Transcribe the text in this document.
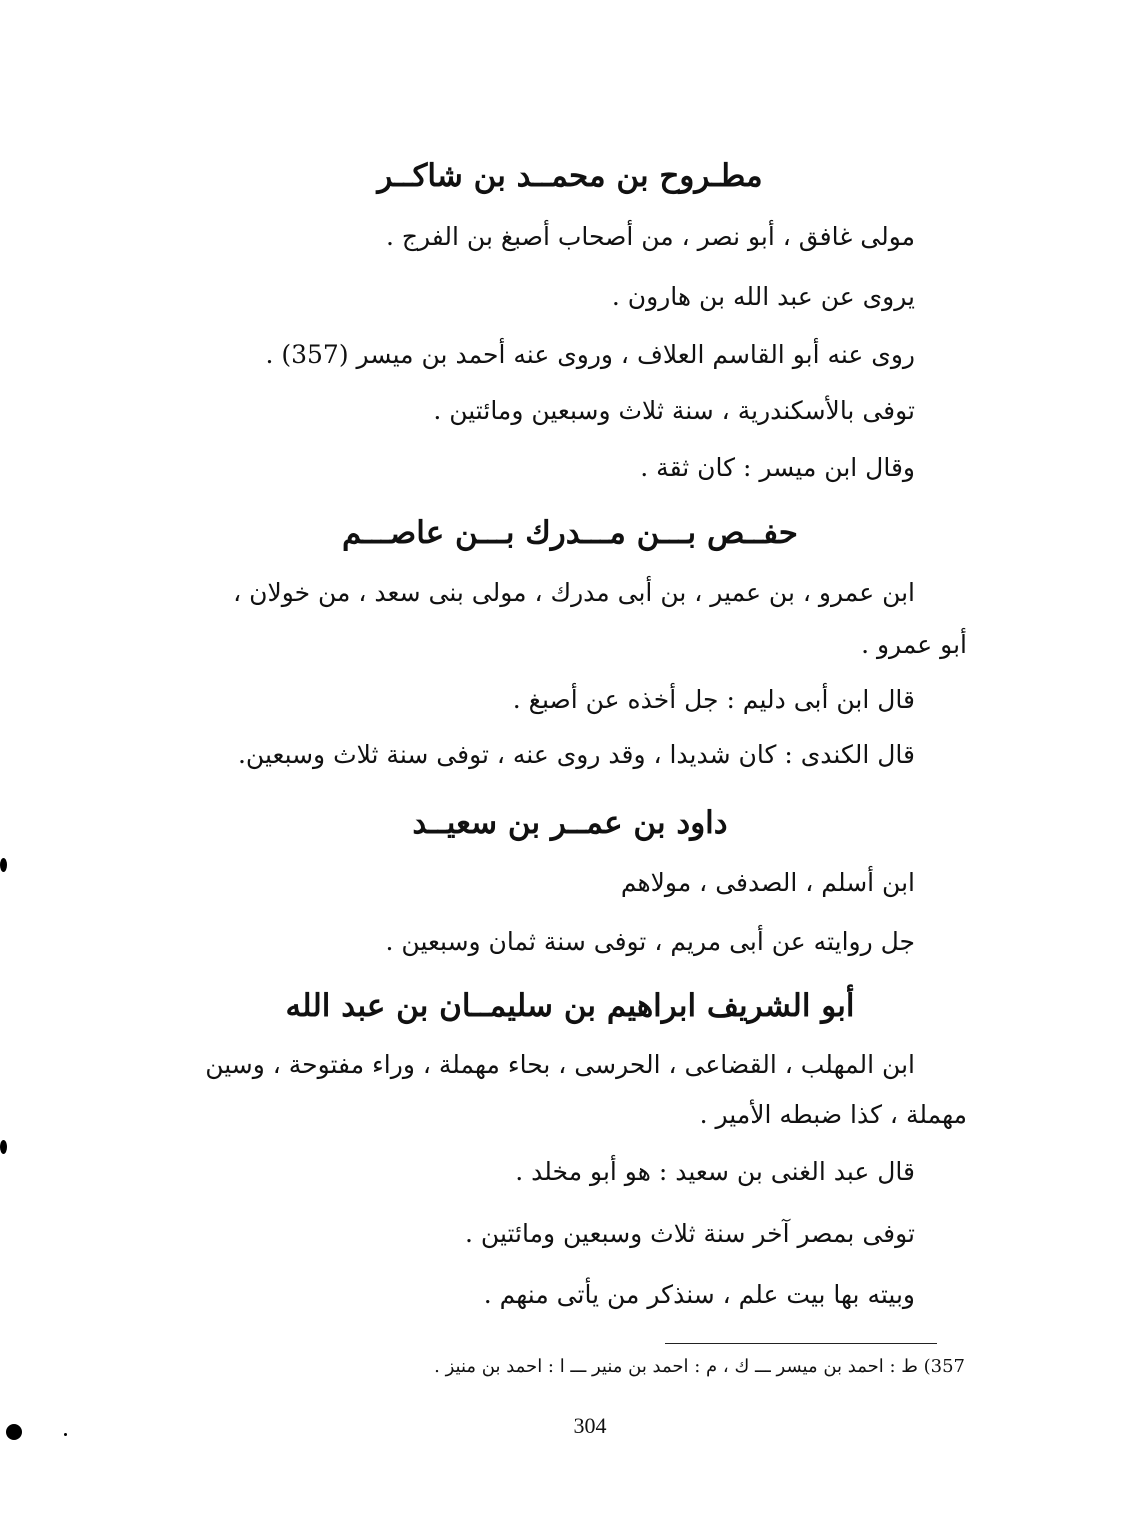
مطـروح بن محمــد بن شاكــر
مولى غافق ، أبو نصر ، من أصحاب أصبغ بن الفرج .
يروى عن عبد الله بن هارون .
روى عنه أبو القاسم العلاف ، وروى عنه أحمد بن ميسر (357) .
توفى بالأسكندرية ، سنة ثلاث وسبعين ومائتين .
وقال ابن ميسر : كان ثقة .
حفــص بـــن مـــدرك بـــن عاصـــم
ابن عمرو ، بن عمير ، بن أبى مدرك ، مولى بنى سعد ، من خولان ،
أبو عمرو .
قال ابن أبى دليم : جل أخذه عن أصبغ .
قال الكندى : كان شديدا ، وقد روى عنه ، توفى سنة ثلاث وسبعين.
داود بن عمــر بن سعيــد
ابن أسلم ، الصدفى ، مولاهم
جل روايته عن أبى مريم ، توفى سنة ثمان وسبعين .
أبو الشريف ابراهيم بن سليمــان بن عبد الله
ابن المهلب ، القضاعى ، الحرسى ، بحاء مهملة ، وراء مفتوحة ، وسين
مهملة ، كذا ضبطه الأمير .
قال عبد الغنى بن سعيد : هو أبو مخلد .
توفى بمصر آخر سنة ثلاث وسبعين ومائتين .
وبيته بها بيت علم ، سنذكر من يأتى منهم .
357) ط : احمد بن ميسر ـــ ك ، م : احمد بن منير ـــ ا : احمد بن منيز .
304
